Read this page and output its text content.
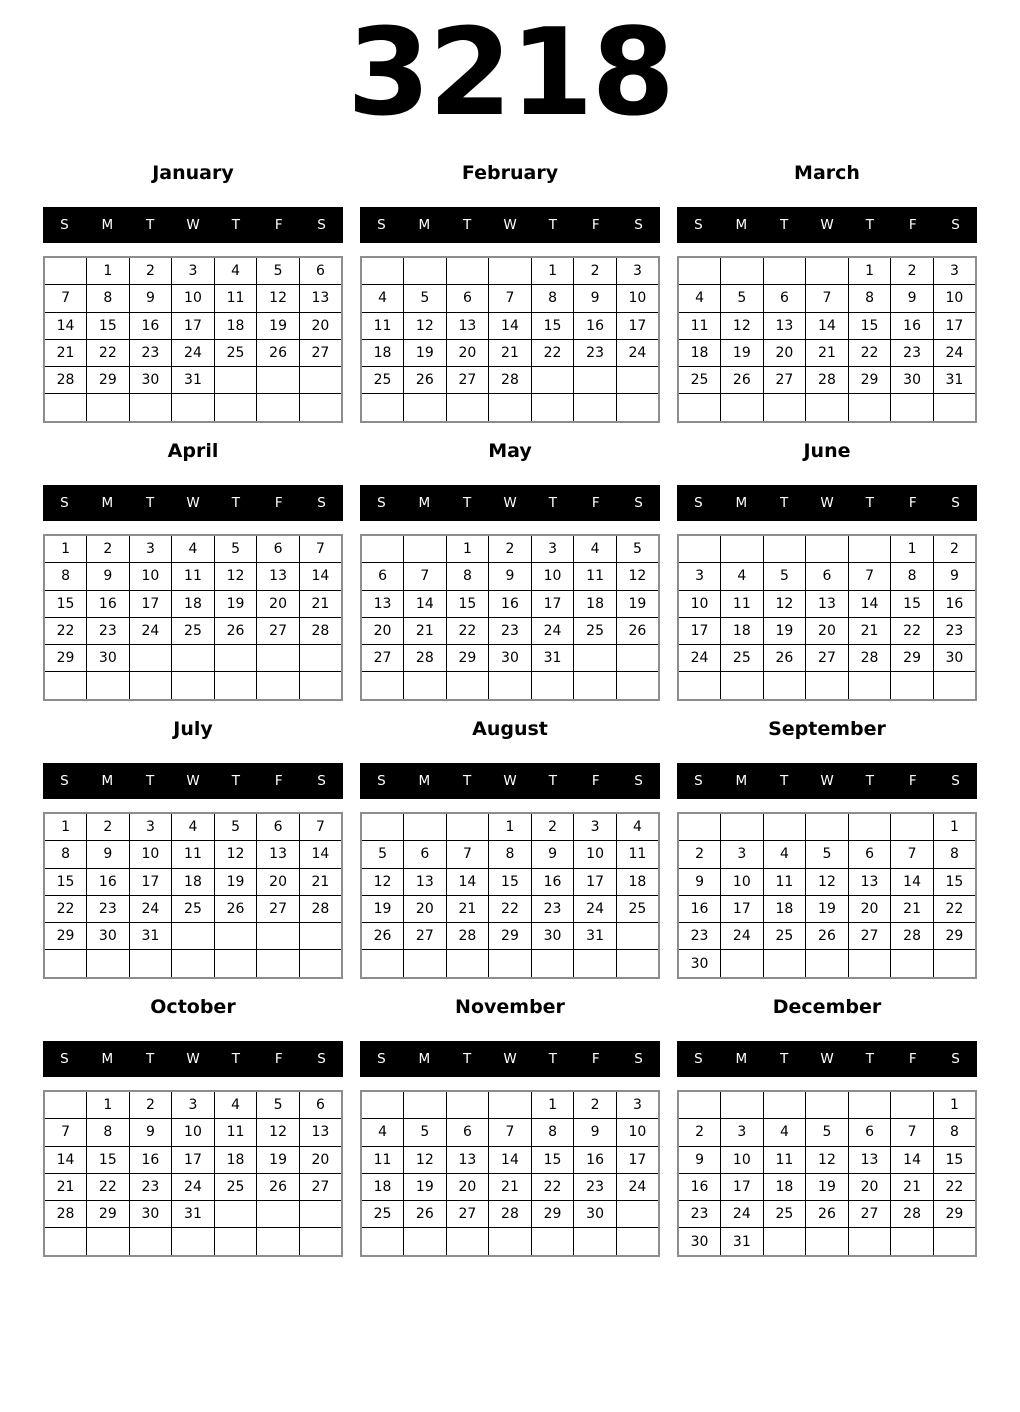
3218
January
S	M	T	W	T	F	S
	1	2	3	4	5	6
7	8	9	10	11	12	13
14	15	16	17	18	19	20
21	22	23	24	25	26	27
28	29	30	31			

February
S	M	T	W	T	F	S
				1	2	3
4	5	6	7	8	9	10
11	12	13	14	15	16	17
18	19	20	21	22	23	24
25	26	27	28			

March
S	M	T	W	T	F	S
				1	2	3
4	5	6	7	8	9	10
11	12	13	14	15	16	17
18	19	20	21	22	23	24
25	26	27	28	29	30	31

April
S	M	T	W	T	F	S
1	2	3	4	5	6	7
8	9	10	11	12	13	14
15	16	17	18	19	20	21
22	23	24	25	26	27	28
29	30					

May
S	M	T	W	T	F	S
		1	2	3	4	5
6	7	8	9	10	11	12
13	14	15	16	17	18	19
20	21	22	23	24	25	26
27	28	29	30	31		

June
S	M	T	W	T	F	S
					1	2
3	4	5	6	7	8	9
10	11	12	13	14	15	16
17	18	19	20	21	22	23
24	25	26	27	28	29	30

July
S	M	T	W	T	F	S
1	2	3	4	5	6	7
8	9	10	11	12	13	14
15	16	17	18	19	20	21
22	23	24	25	26	27	28
29	30	31				

August
S	M	T	W	T	F	S
			1	2	3	4
5	6	7	8	9	10	11
12	13	14	15	16	17	18
19	20	21	22	23	24	25
26	27	28	29	30	31	

September
S	M	T	W	T	F	S
						1
2	3	4	5	6	7	8
9	10	11	12	13	14	15
16	17	18	19	20	21	22
23	24	25	26	27	28	29
30						
October
S	M	T	W	T	F	S
	1	2	3	4	5	6
7	8	9	10	11	12	13
14	15	16	17	18	19	20
21	22	23	24	25	26	27
28	29	30	31			

November
S	M	T	W	T	F	S
				1	2	3
4	5	6	7	8	9	10
11	12	13	14	15	16	17
18	19	20	21	22	23	24
25	26	27	28	29	30	

December
S	M	T	W	T	F	S
						1
2	3	4	5	6	7	8
9	10	11	12	13	14	15
16	17	18	19	20	21	22
23	24	25	26	27	28	29
30	31					
